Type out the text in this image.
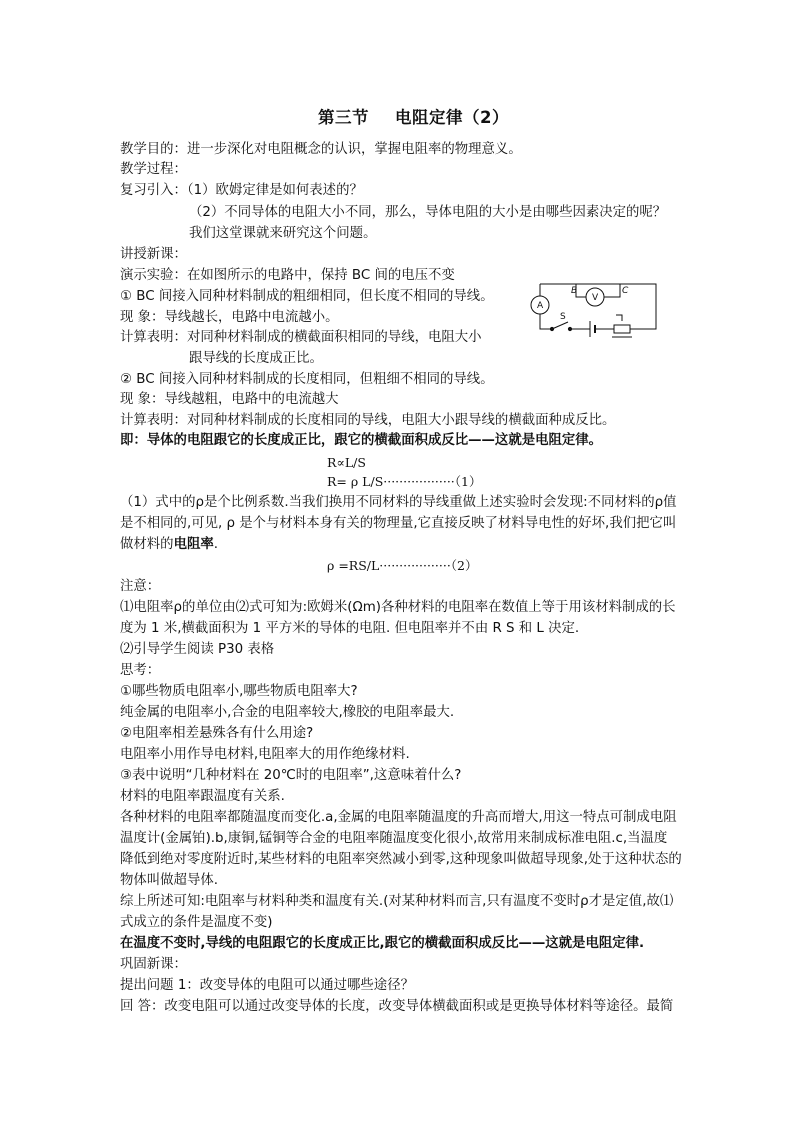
第三节 电阻定律（2）
教学目的：进一步深化对电阻概念的认识，掌握电阻率的物理意义。
教学过程：
复习引入：（1）欧姆定律是如何表述的？
（2）不同导体的电阻大小不同，那么，导体电阻的大小是由哪些因素决定的呢？
我们这堂课就来研究这个问题。
讲授新课：
演示实验：在如图所示的电路中，保持 BC 间的电压不变
① BC 间接入同种材料制成的粗细相同，但长度不相同的导线。
现 象：导线越长，电路中电流越小。
计算表明：对同种材料制成的横截面积相同的导线，电阻大小
跟导线的长度成正比。
② BC 间接入同种材料制成的长度相同，但粗细不相同的导线。
现 象：导线越粗，电路中的电流越大
计算表明：对同种材料制成的长度相同的导线，电阻大小跟导线的横截面种成反比。
即：导体的电阻跟它的长度成正比，跟它的横截面积成反比——这就是电阻定律。
R∝L/S
R= ρ L/S··················（1）
（1）式中的ρ是个比例系数.当我们换用不同材料的导线重做上述实验时会发现:不同材料的ρ值
是不相同的,可见, ρ 是个与材料本身有关的物理量,它直接反映了材料导电性的好坏,我们把它叫
做材料的电阻率.
ρ =RS/L··················（2）
注意：
⑴电阻率ρ的单位由⑵式可知为:欧姆米(Ωm)各种材料的电阻率在数值上等于用该材料制成的长
度为 1 米,横截面积为 1 平方米的导体的电阻. 但电阻率并不由 R S 和 L 决定.
⑵引导学生阅读 P30 表格
思考：
①哪些物质电阻率小,哪些物质电阻率大?
纯金属的电阻率小,合金的电阻率较大,橡胶的电阻率最大.
②电阻率相差悬殊各有什么用途?
电阻率小用作导电材料,电阻率大的用作绝缘材料.
③表中说明“几种材料在 20℃时的电阻率”,这意味着什么?
材料的电阻率跟温度有关系.
各种材料的电阻率都随温度而变化.a,金属的电阻率随温度的升高而增大,用这一特点可制成电阻
温度计(金属铂).b,康铜,锰铜等合金的电阻率随温度变化很小,故常用来制成标准电阻.c,当温度
降低到绝对零度附近时,某些材料的电阻率突然减小到零,这种现象叫做超导现象,处于这种状态的
物体叫做超导体.
综上所述可知:电阻率与材料种类和温度有关.(对某种材料而言,只有温度不变时ρ才是定值,故⑴
式成立的条件是温度不变)
在温度不变时,导线的电阻跟它的长度成正比,跟它的横截面积成反比——这就是电阻定律.
巩固新课：
提出问题 1：改变导体的电阻可以通过哪些途径？
回 答：改变电阻可以通过改变导体的长度，改变导体横截面积或是更换导体材料等途径。最简
A
V
B	C
S
